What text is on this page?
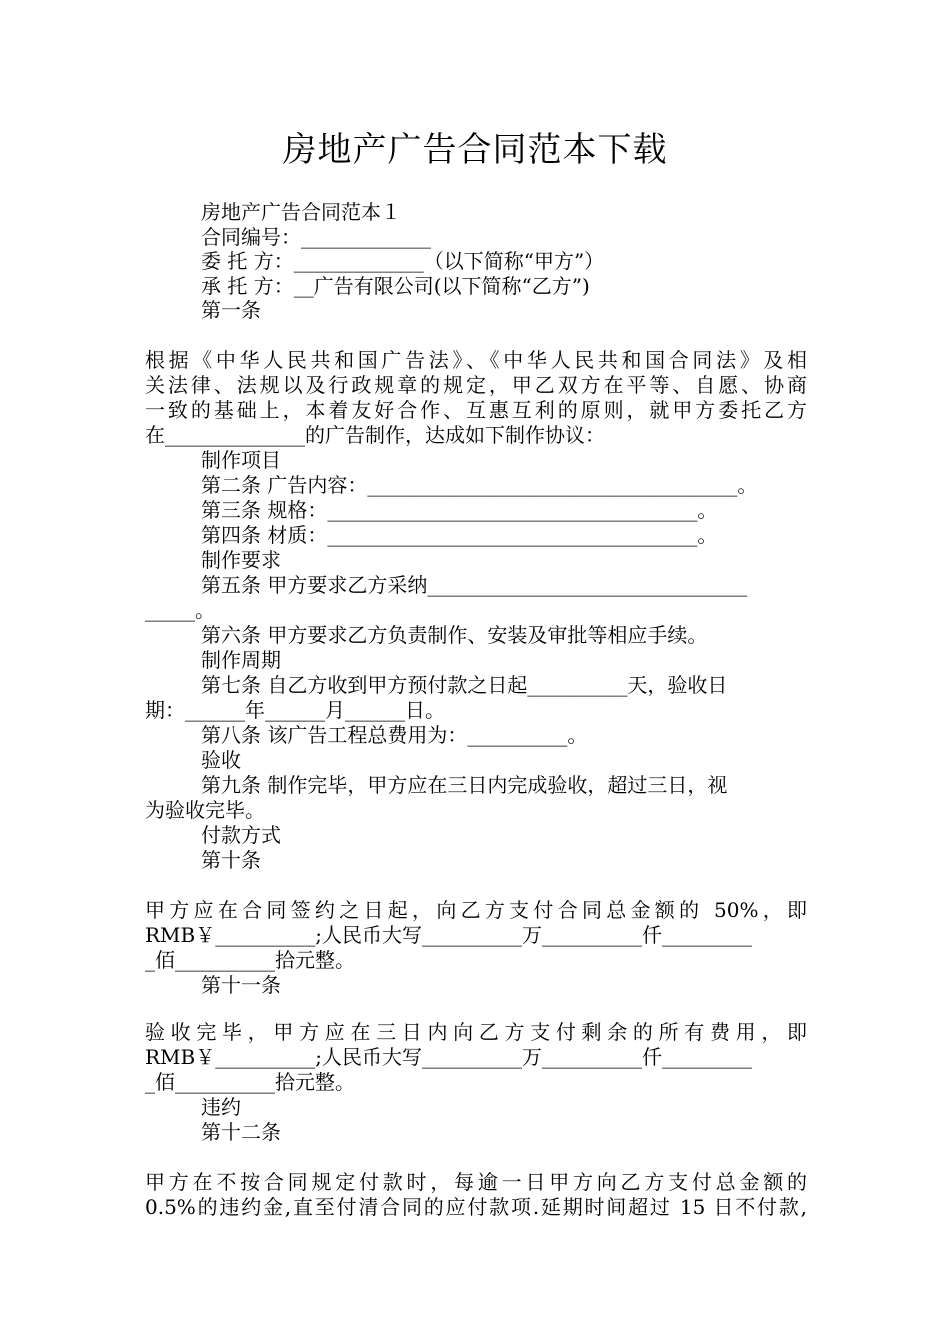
房地产广告合同范本下载
房地产广告合同范本１
合同编号：_____________
委 托 方：_____________（以下简称“甲方”）
承 托 方：__广告有限公司(以下简称“乙方”)
第一条
根据《中华人民共和国广告法》、《中华人民共和国合同法》及相
关法律、法规以及行政规章的规定，甲乙双方在平等、自愿、协商
一致的基础上，本着友好合作、互惠互利的原则，就甲方委托乙方
在______________的广告制作，达成如下制作协议：
制作项目
第二条 广告内容：_____________________________________。
第三条 规格：_____________________________________。
第四条 材质：_____________________________________。
制作要求
第五条 甲方要求乙方采纳________________________________
_____。
第六条 甲方要求乙方负责制作、安装及审批等相应手续。
制作周期
第七条 自乙方收到甲方预付款之日起__________天，验收日
期：______年______月______日。
第八条 该广告工程总费用为：__________。
验收
第九条 制作完毕，甲方应在三日内完成验收，超过三日，视
为验收完毕。
付款方式
第十条
甲方应在合同签约之日起，向乙方支付合同总金额的 50%，即
RMB￥__________;人民币大写__________万__________仟_________
_佰__________拾元整。
第十一条
验收完毕，甲方应在三日内向乙方支付剩余的所有费用，即
RMB￥__________;人民币大写__________万__________仟_________
_佰__________拾元整。
违约
第十二条
甲方在不按合同规定付款时，每逾一日甲方向乙方支付总金额的
0.5%的违约金,直至付清合同的应付款项.延期时间超过 15 日不付款,
